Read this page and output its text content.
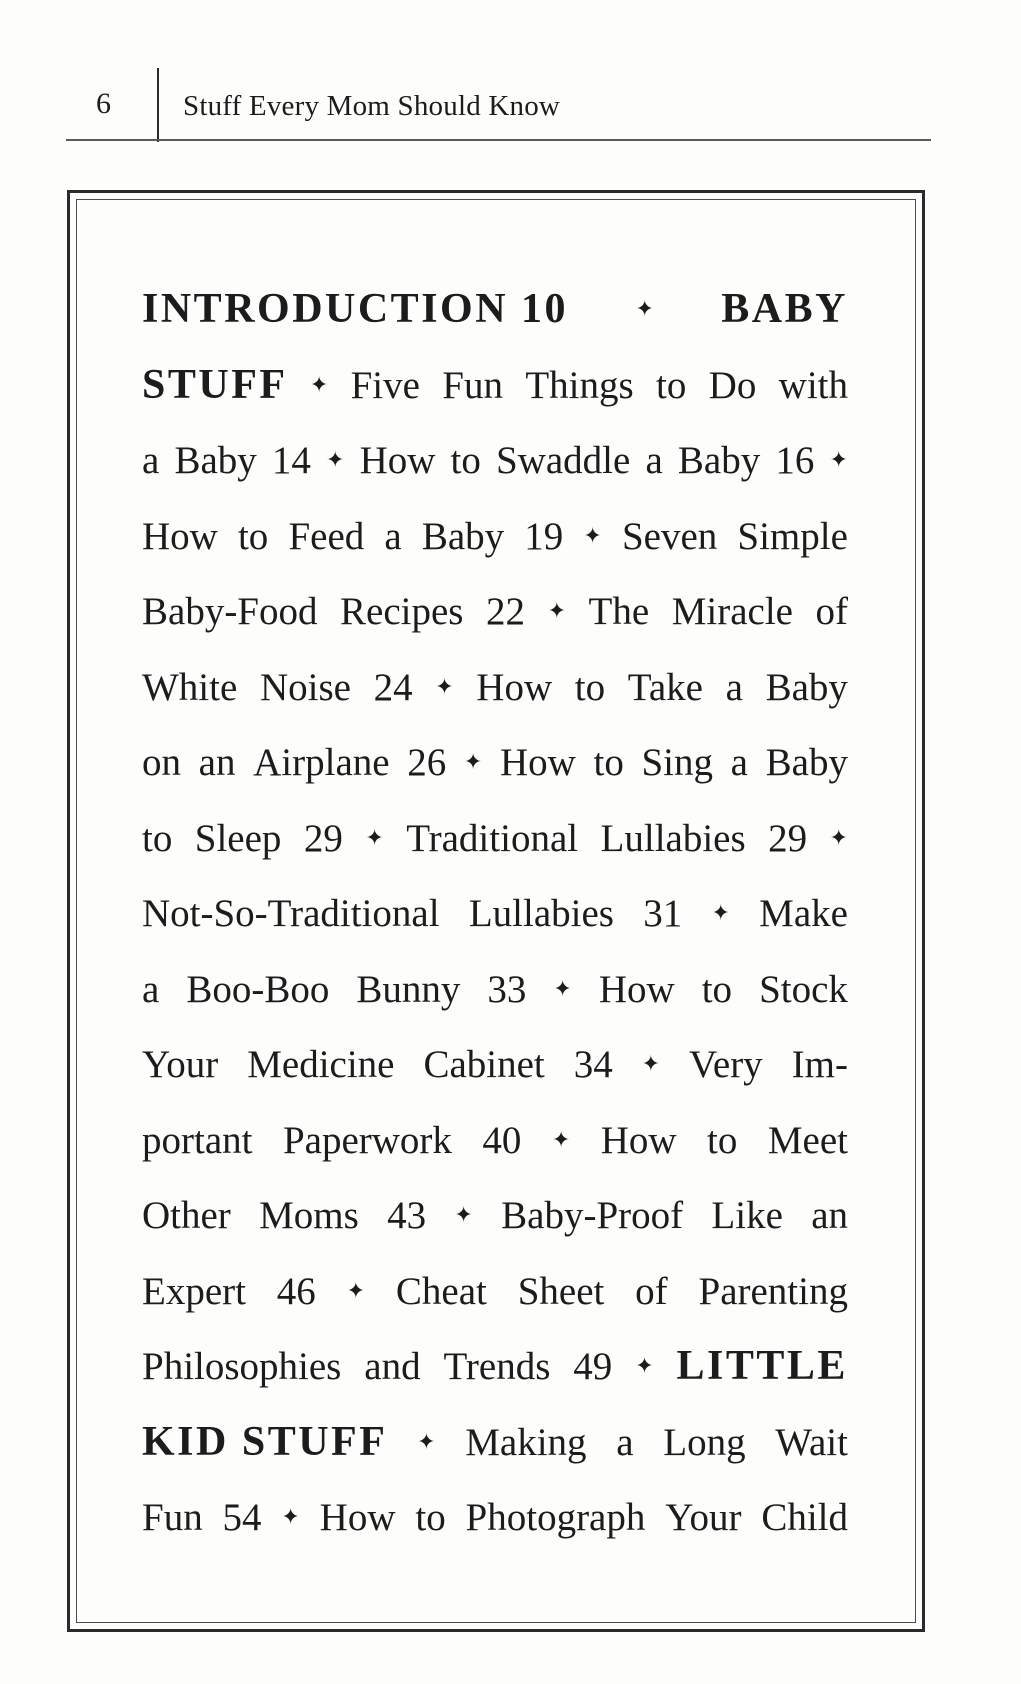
6 Stuff Every Mom Should Know
INTRODUCTION 10	✦ BABY
STUFF ✦ Five Fun Things to Do with
a Baby 14 ✦ How to Swaddle a Baby 16 ✦
How to Feed a Baby 19 ✦ Seven Simple
Baby-Food Recipes 22 ✦ The Miracle of
White Noise 24 ✦ How to Take a Baby
on an Airplane 26 ✦ How to Sing a Baby
to Sleep 29 ✦ Traditional Lullabies 29 ✦
Not-So-Traditional Lullabies 31 ✦ Make
a Boo-Boo Bunny 33 ✦ How to Stock
Your Medicine Cabinet 34 ✦ Very Im-
portant Paperwork 40 ✦ How to Meet
Other Moms 43 ✦ Baby-Proof Like an
Expert 46 ✦ Cheat Sheet of Parenting
Philosophies and Trends 49 ✦ LITTLE
KID STUFF ✦ Making a Long Wait
Fun 54 ✦ How to Photograph Your Child
